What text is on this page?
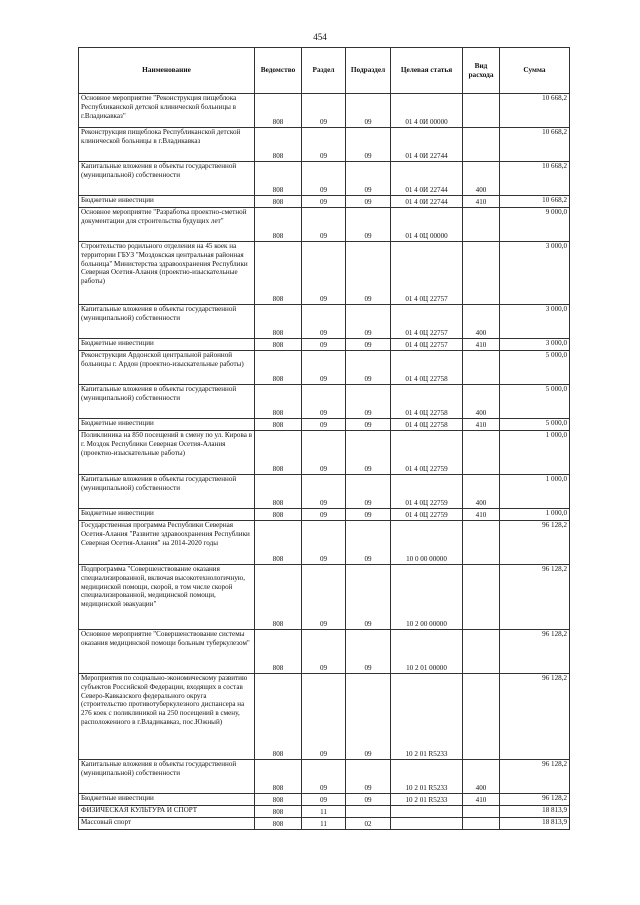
454
Наименование	Ведомство	Раздел	Подраздел	Целевая статья	Вид расхода	Сумма
Основное мероприятие "Реконструкция пищеблока Республиканской детской клинической больницы в г.Владикавказ"	808	09	09	01 4 0И 00000		10 668,2
Реконструкция пищеблока Республиканской детской клинической больницы в г.Владикавказ	808	09	09	01 4 0И 22744		10 668,2
Капитальные вложения в объекты государственной (муниципальной) собственности	808	09	09	01 4 0И 22744	400	10 668,2
Бюджетные инвестиции	808	09	09	01 4 0И 22744	410	10 668,2
Основное мероприятие "Разработка проектно-сметной документации для строительства будущих лет"	808	09	09	01 4 0Ц 00000		9 000,0
Строительство родильного отделения на 45 коек на территории ГБУЗ "Моздокская центральная районная больница" Министерства здравоохранения Республики Северная Осетия-Алания (проектно-изыскательные работы)	808	09	09	01 4 0Ц 22757		3 000,0
Капитальные вложения в объекты государственной (муниципальной) собственности	808	09	09	01 4 0Ц 22757	400	3 000,0
Бюджетные инвестиции	808	09	09	01 4 0Ц 22757	410	3 000,0
Реконструкция Ардонской центральной районной больницы г. Ардон (проектно-изыскательные работы)	808	09	09	01 4 0Ц 22758		5 000,0
Капитальные вложения в объекты государственной (муниципальной) собственности	808	09	09	01 4 0Ц 22758	400	5 000,0
Бюджетные инвестиции	808	09	09	01 4 0Ц 22758	410	5 000,0
Поликлиника на 850 посещений в смену по ул. Кирова в г. Моздок Республики Северная Осетия-Алания (проектно-изыскательные работы)	808	09	09	01 4 0Ц 22759		1 000,0
Капитальные вложения в объекты государственной (муниципальной) собственности	808	09	09	01 4 0Ц 22759	400	1 000,0
Бюджетные инвестиции	808	09	09	01 4 0Ц 22759	410	1 000,0
Государственная программа Республики Северная Осетия-Алания "Развитие здравоохранения Республики Северная Осетия-Алания" на 2014-2020 годы	808	09	09	10 0 00 00000		96 128,2
Подпрограмма "Совершенствование оказания специализированной, включая высокотехнологичную, медицинской помощи, скорой, в том числе скорой специализированной, медицинской помощи, медицинской эвакуации"	808	09	09	10 2 00 00000		96 128,2
Основное мероприятие "Совершенствование системы оказания медицинской помощи больным туберкулезом"	808	09	09	10 2 01 00000		96 128,2
Мероприятия по социально-экономическому развитию субъектов Российской Федерации, входящих в состав Северо-Кавказского федерального округа (строительство противотуберкулезного диспансера на 276 коек с поликлиникой на 250 посещений в смену, расположенного в г.Владикавказ, пос.Южный)	808	09	09	10 2 01 R5233		96 128,2
Капитальные вложения в объекты государственной (муниципальной) собственности	808	09	09	10 2 01 R5233	400	96 128,2
Бюджетные инвестиции	808	09	09	10 2 01 R5233	410	96 128,2
ФИЗИЧЕСКАЯ КУЛЬТУРА И СПОРТ	808	11				18 813,9
Массовый спорт	808	11	02			18 813,9
